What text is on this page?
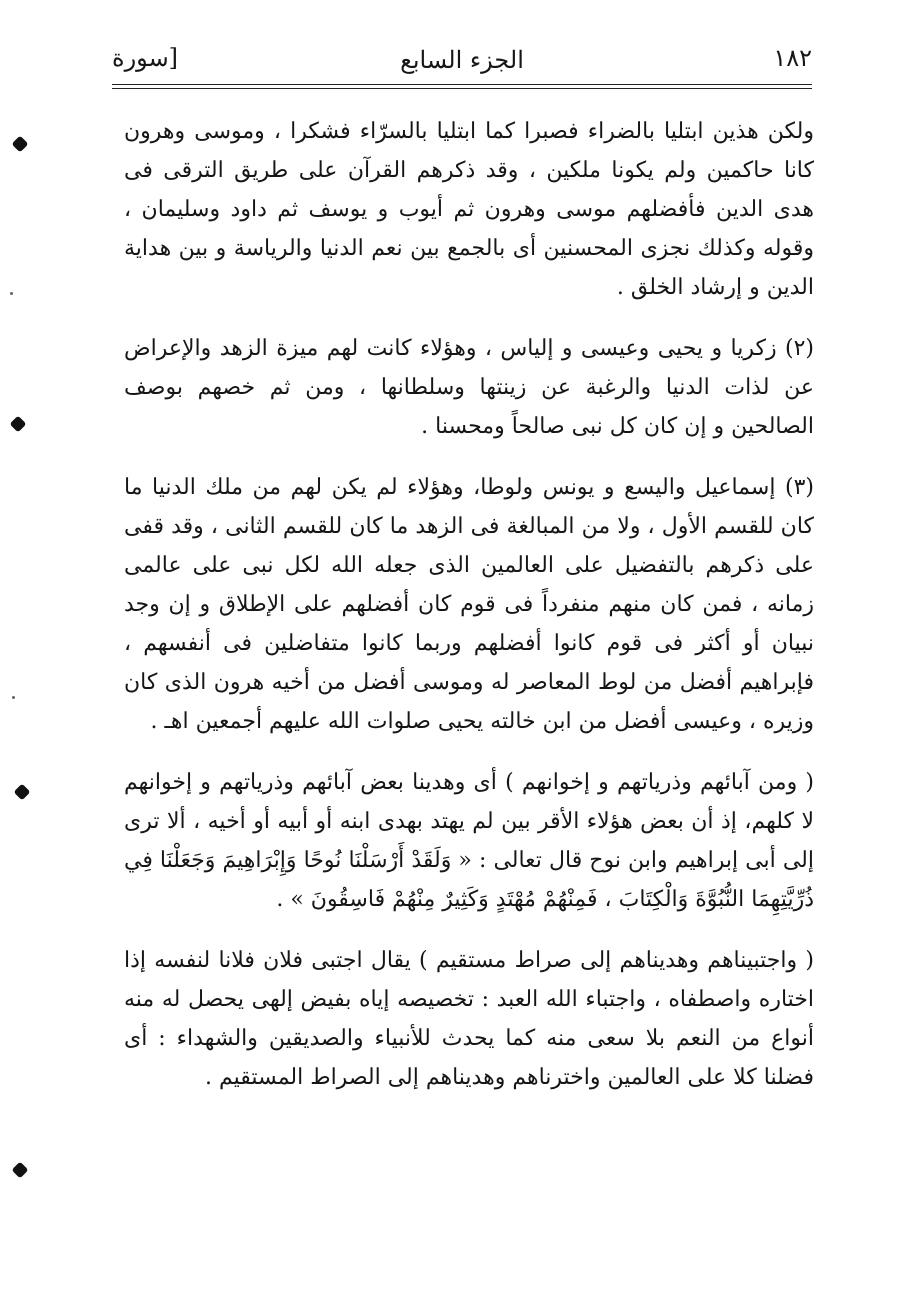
١٨٢
الجزء السابع
[سورة

ولكن هذين ابتليا بالضراء فصبرا كما ابتليا بالسرّاء فشكرا ، وموسى وهرون كانا حاكمين ولم يكونا ملكين ، وقد ذكرهم القرآن على طريق الترقى فى هدى الدين فأفضلهم موسى وهرون ثم أيوب و يوسف ثم داود وسليمان ، وقوله وكذلك نجزى المحسنين أى بالجمع بين نعم الدنيا والرياسة و بين هداية الدين و إرشاد الخلق .

(٢) زكريا و يحيى وعيسى و إلياس ، وهؤلاء كانت لهم ميزة الزهد والإعراض عن لذات الدنيا والرغبة عن زينتها وسلطانها ، ومن ثم خصهم بوصف الصالحين و إن كان كل نبى صالحاً ومحسنا .

(٣) إسماعيل واليسع و يونس ولوطا، وهؤلاء لم يكن لهم من ملك الدنيا ما كان للقسم الأول ، ولا من المبالغة فى الزهد ما كان للقسم الثانى ، وقد قفى على ذكرهم بالتفضيل على العالمين الذى جعله الله لكل نبى على عالمى زمانه ، فمن كان منهم منفرداً فى قوم كان أفضلهم على الإطلاق و إن وجد نبيان أو أكثر فى قوم كانوا أفضلهم وربما كانوا متفاضلين فى أنفسهم ، فإبراهيم أفضل من لوط المعاصر له وموسى أفضل من أخيه هرون الذى كان وزيره ، وعيسى أفضل من ابن خالته يحيى صلوات الله عليهم أجمعين اهـ .

( ومن آبائهم وذرياتهم و إخوانهم ) أى وهدينا بعض آبائهم وذرياتهم و إخوانهم لا كلهم، إذ أن بعض هؤلاء الأقر بين لم يهتد بهدى ابنه أو أبيه أو أخيه ، ألا ترى إلى أبى إبراهيم وابن نوح قال تعالى : « وَلَقَدْ أَرْسَلْنَا نُوحًا وَإِبْرَاهِيمَ وَجَعَلْنَا فِي ذُرِّيَّتِهِمَا النُّبُوَّةَ وَالْكِتَابَ ، فَمِنْهُمْ مُهْتَدٍ وَكَثِيرٌ مِنْهُمْ فَاسِقُونَ » .

( واجتبيناهم وهديناهم إلى صراط مستقيم ) يقال اجتبى فلان فلانا لنفسه إذا اختاره واصطفاه ، واجتباء الله العبد : تخصيصه إياه بفيض إلهى يحصل له منه أنواع من النعم بلا سعى منه كما يحدث للأنبياء والصديقين والشهداء : أى فضلنا كلا على العالمين واخترناهم وهديناهم إلى الصراط المستقيم .
